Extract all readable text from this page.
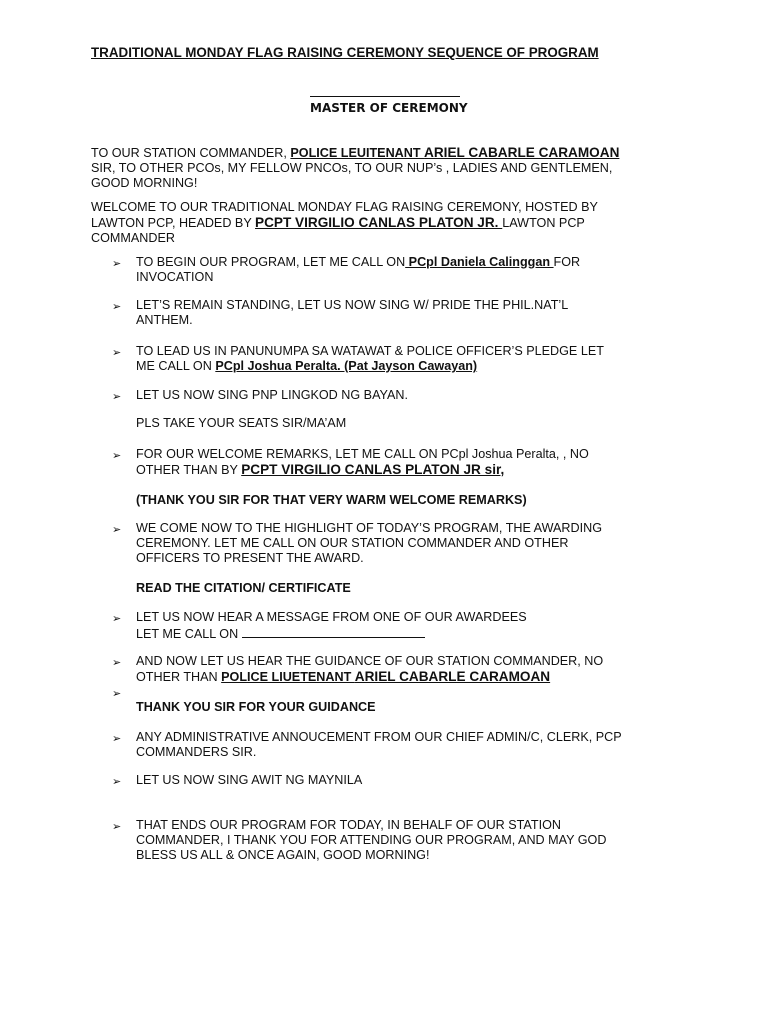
TRADITIONAL MONDAY FLAG RAISING CEREMONY SEQUENCE OF PROGRAM
MASTER OF CEREMONY
TO OUR STATION COMMANDER, POLICE LEUITENANT ARIEL CABARLE CARAMOAN
SIR, TO OTHER PCOs, MY FELLOW PNCOs, TO OUR NUP’s , LADIES AND GENTLEMEN,
GOOD MORNING!
WELCOME TO OUR TRADITIONAL MONDAY FLAG RAISING CEREMONY, HOSTED BY
LAWTON PCP, HEADED BY PCPT VIRGILIO CANLAS PLATON JR. LAWTON PCP
COMMANDER
➢ TO BEGIN OUR PROGRAM, LET ME CALL ON PCpl Daniela Calinggan FOR
INVOCATION
➢ LET’S REMAIN STANDING, LET US NOW SING W/ PRIDE THE PHIL.NAT’L
ANTHEM.
➢ TO LEAD US IN PANUNUMPA SA WATAWAT & POLICE OFFICER’S PLEDGE LET
ME CALL ON PCpl Joshua Peralta. (Pat Jayson Cawayan)
➢ LET US NOW SING PNP LINGKOD NG BAYAN.
PLS TAKE YOUR SEATS SIR/MA’AM
➢ FOR OUR WELCOME REMARKS, LET ME CALL ON PCpl Joshua Peralta, , NO
OTHER THAN BY PCPT VIRGILIO CANLAS PLATON JR sir,
(THANK YOU SIR FOR THAT VERY WARM WELCOME REMARKS)
➢ WE COME NOW TO THE HIGHLIGHT OF TODAY’S PROGRAM, THE AWARDING
CEREMONY. LET ME CALL ON OUR STATION COMMANDER AND OTHER
OFFICERS TO PRESENT THE AWARD.
READ THE CITATION/ CERTIFICATE
➢ LET US NOW HEAR A MESSAGE FROM ONE OF OUR AWARDEES
LET ME CALL ON
➢ AND NOW LET US HEAR THE GUIDANCE OF OUR STATION COMMANDER, NO
OTHER THAN POLICE LIUETENANT ARIEL CABARLE CARAMOAN
➢
THANK YOU SIR FOR YOUR GUIDANCE
➢ ANY ADMINISTRATIVE ANNOUCEMENT FROM OUR CHIEF ADMIN/C, CLERK, PCP
COMMANDERS SIR.
➢ LET US NOW SING AWIT NG MAYNILA
➢ THAT ENDS OUR PROGRAM FOR TODAY, IN BEHALF OF OUR STATION
COMMANDER, I THANK YOU FOR ATTENDING OUR PROGRAM, AND MAY GOD
BLESS US ALL & ONCE AGAIN, GOOD MORNING!
